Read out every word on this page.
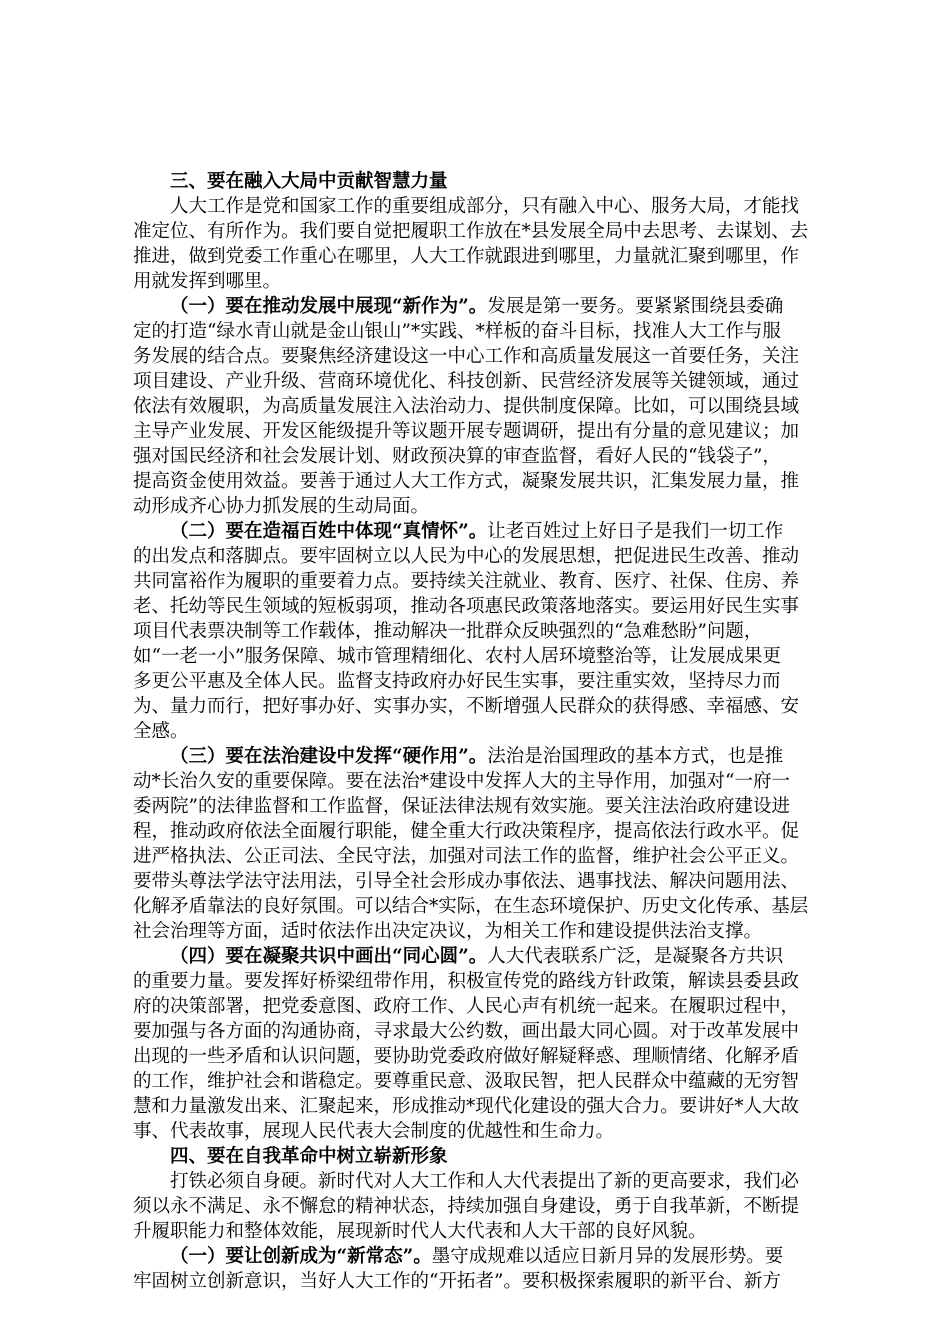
三、要在融入大局中贡献智慧力量
人大工作是党和国家工作的重要组成部分，只有融入中心、服务大局，才能找
准定位、有所作为。我们要自觉把履职工作放在*县发展全局中去思考、去谋划、去
推进，做到党委工作重心在哪里，人大工作就跟进到哪里，力量就汇聚到哪里，作
用就发挥到哪里。
（一）要在推动发展中展现“新作为”。发展是第一要务。要紧紧围绕县委确
定的打造“绿水青山就是金山银山”*实践、*样板的奋斗目标，找准人大工作与服
务发展的结合点。要聚焦经济建设这一中心工作和高质量发展这一首要任务，关注
项目建设、产业升级、营商环境优化、科技创新、民营经济发展等关键领域，通过
依法有效履职，为高质量发展注入法治动力、提供制度保障。比如，可以围绕县域
主导产业发展、开发区能级提升等议题开展专题调研，提出有分量的意见建议；加
强对国民经济和社会发展计划、财政预决算的审查监督，看好人民的“钱袋子”，
提高资金使用效益。要善于通过人大工作方式，凝聚发展共识，汇集发展力量，推
动形成齐心协力抓发展的生动局面。
（二）要在造福百姓中体现“真情怀”。让老百姓过上好日子是我们一切工作
的出发点和落脚点。要牢固树立以人民为中心的发展思想，把促进民生改善、推动
共同富裕作为履职的重要着力点。要持续关注就业、教育、医疗、社保、住房、养
老、托幼等民生领域的短板弱项，推动各项惠民政策落地落实。要运用好民生实事
项目代表票决制等工作载体，推动解决一批群众反映强烈的“急难愁盼”问题，
如“一老一小”服务保障、城市管理精细化、农村人居环境整治等，让发展成果更
多更公平惠及全体人民。监督支持政府办好民生实事，要注重实效，坚持尽力而
为、量力而行，把好事办好、实事办实，不断增强人民群众的获得感、幸福感、安
全感。
（三）要在法治建设中发挥“硬作用”。法治是治国理政的基本方式，也是推
动*长治久安的重要保障。要在法治*建设中发挥人大的主导作用，加强对“一府一
委两院”的法律监督和工作监督，保证法律法规有效实施。要关注法治政府建设进
程，推动政府依法全面履行职能，健全重大行政决策程序，提高依法行政水平。促
进严格执法、公正司法、全民守法，加强对司法工作的监督，维护社会公平正义。
要带头尊法学法守法用法，引导全社会形成办事依法、遇事找法、解决问题用法、
化解矛盾靠法的良好氛围。可以结合*实际，在生态环境保护、历史文化传承、基层
社会治理等方面，适时依法作出决定决议，为相关工作和建设提供法治支撑。
（四）要在凝聚共识中画出“同心圆”。人大代表联系广泛，是凝聚各方共识
的重要力量。要发挥好桥梁纽带作用，积极宣传党的路线方针政策，解读县委县政
府的决策部署，把党委意图、政府工作、人民心声有机统一起来。在履职过程中，
要加强与各方面的沟通协商，寻求最大公约数，画出最大同心圆。对于改革发展中
出现的一些矛盾和认识问题，要协助党委政府做好解疑释惑、理顺情绪、化解矛盾
的工作，维护社会和谐稳定。要尊重民意、汲取民智，把人民群众中蕴藏的无穷智
慧和力量激发出来、汇聚起来，形成推动*现代化建设的强大合力。要讲好*人大故
事、代表故事，展现人民代表大会制度的优越性和生命力。
四、要在自我革命中树立崭新形象
打铁必须自身硬。新时代对人大工作和人大代表提出了新的更高要求，我们必
须以永不满足、永不懈怠的精神状态，持续加强自身建设，勇于自我革新，不断提
升履职能力和整体效能，展现新时代人大代表和人大干部的良好风貌。
（一）要让创新成为“新常态”。墨守成规难以适应日新月异的发展形势。要
牢固树立创新意识，当好人大工作的“开拓者”。要积极探索履职的新平台、新方
